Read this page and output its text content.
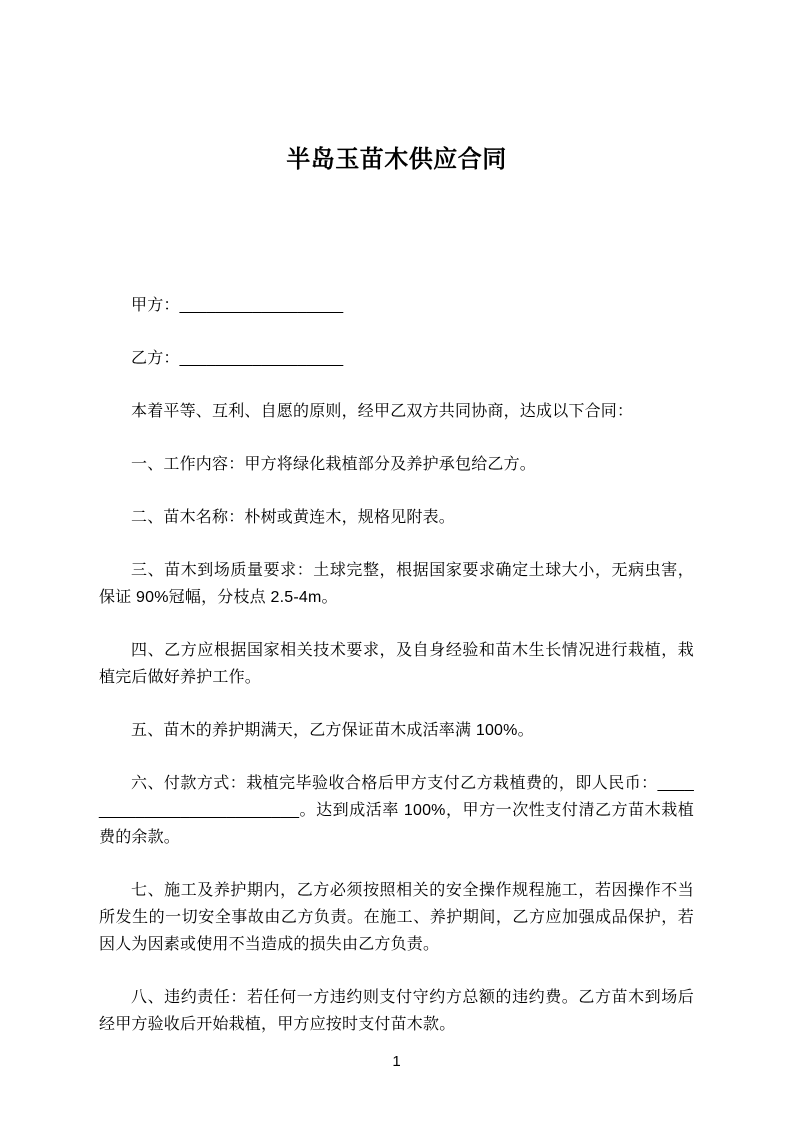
半岛玉苗木供应合同

甲方：__________________

乙方：__________________

本着平等、互利、自愿的原则，经甲乙双方共同协商，达成以下合同：

一、工作内容：甲方将绿化栽植部分及养护承包给乙方。

二、苗木名称：朴树或黄连木，规格见附表。

三、苗木到场质量要求：土球完整，根据国家要求确定土球大小，无病虫害，保证 90%冠幅，分枝点 2.5-4m。

四、乙方应根据国家相关技术要求，及自身经验和苗木生长情况进行栽植，栽植完后做好养护工作。

五、苗木的养护期满天，乙方保证苗木成活率满 100%。

六、付款方式：栽植完毕验收合格后甲方支付乙方栽植费的，即人民币：__________________________。达到成活率 100%，甲方一次性支付清乙方苗木栽植费的余款。

七、施工及养护期内，乙方必须按照相关的安全操作规程施工，若因操作不当所发生的一切安全事故由乙方负责。在施工、养护期间，乙方应加强成品保护，若因人为因素或使用不当造成的损失由乙方负责。

八、违约责任：若任何一方违约则支付守约方总额的违约费。乙方苗木到场后经甲方验收后开始栽植，甲方应按时支付苗木款。

1
